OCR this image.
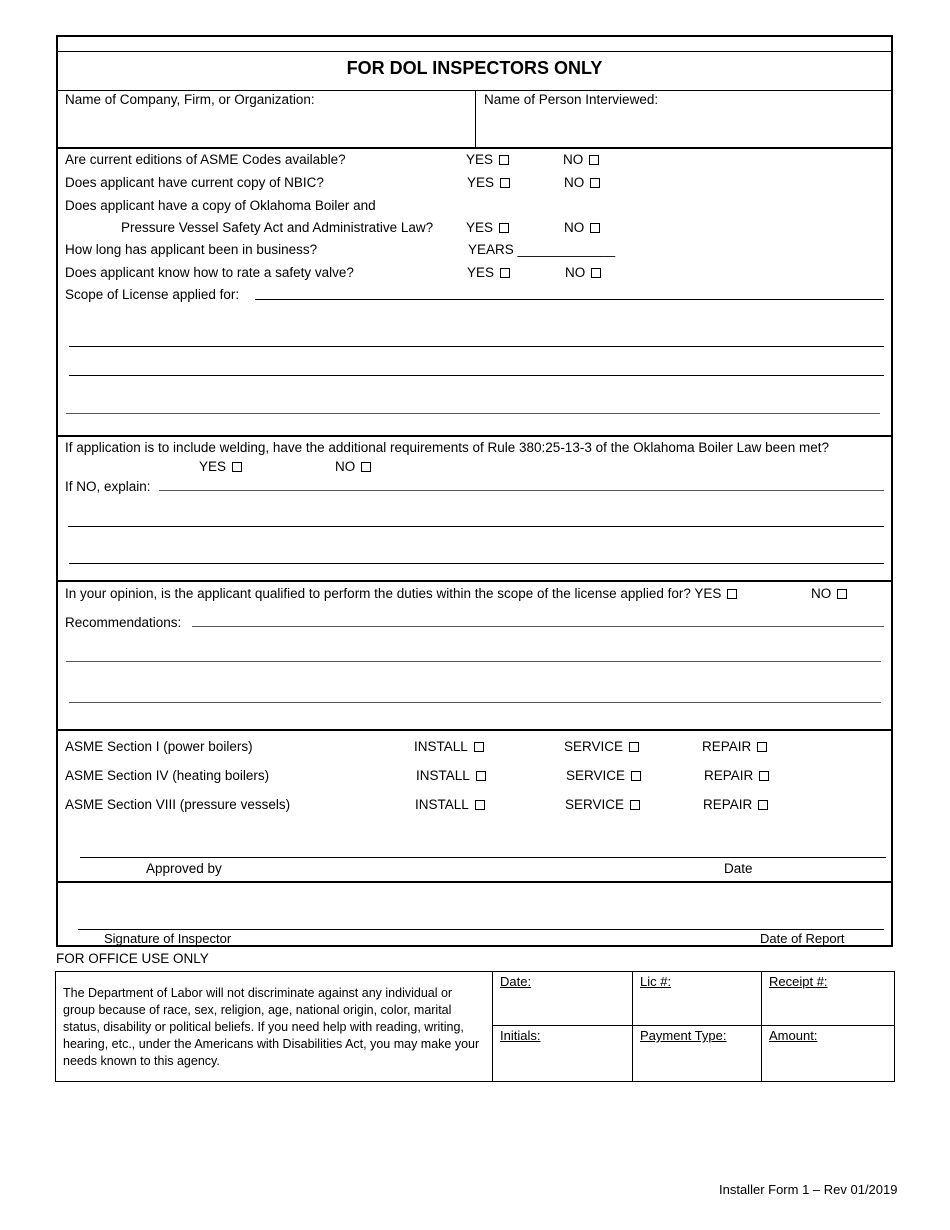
FOR DOL INSPECTORS ONLY
Name of Company, Firm, or Organization:	Name of Person Interviewed:
Are current editions of ASME Codes available?	YES	NO
Does applicant have current copy of NBIC?	YES	NO
Does applicant have a copy of Oklahoma Boiler and
Pressure Vessel Safety Act and Administrative Law? YES	NO
How long has applicant been in business?	YEARS _____________
Does applicant know how to rate a safety valve?	YES	NO
Scope of License applied for:
If application is to include welding, have the additional requirements of Rule 380:25-13-3 of the Oklahoma Boiler Law been met?
YES	NO
If NO, explain:
In your opinion, is the applicant qualified to perform the duties within the scope of the license applied for? YES	NO
Recommendations:
ASME Section I (power boilers)	INSTALL	SERVICE	REPAIR
ASME Section IV (heating boilers)	INSTALL	SERVICE	REPAIR
ASME Section VIII (pressure vessels)	INSTALL	SERVICE	REPAIR
Approved by	Date
Signature of Inspector	Date of Report
FOR OFFICE USE ONLY
The Department of Labor will not discriminate against any individual or group because of race, sex, religion, age, national origin, color, marital status, disability or political beliefs. If you need help with reading, writing, hearing, etc., under the Americans with Disabilities Act, you may make your needs known to this agency.
Date:	Lic #:	Receipt #:
Initials:	Payment Type:	Amount:
Installer Form 1 – Rev 01/2019
